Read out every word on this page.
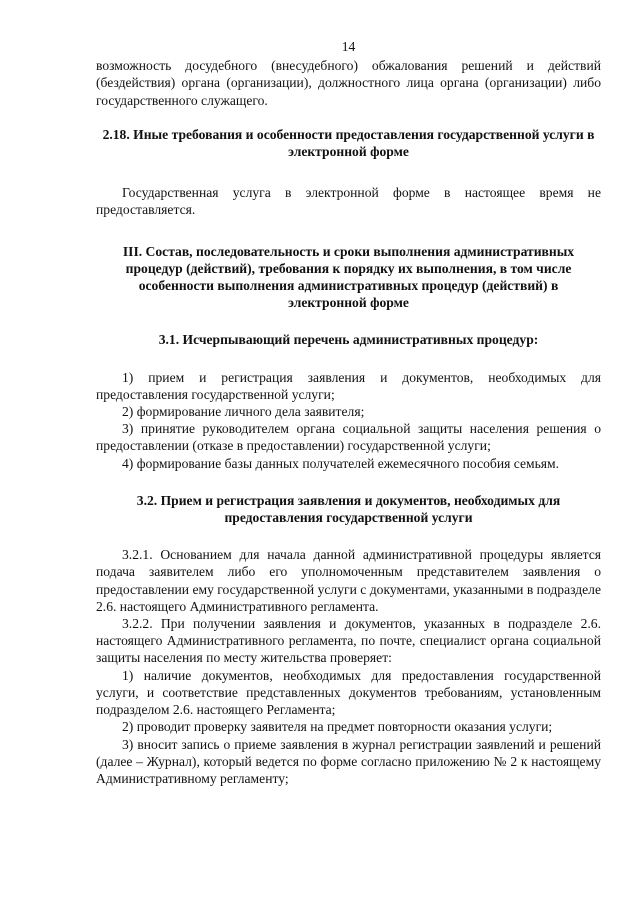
14

возможность досудебного (внесудебного) обжалования решений и действий (бездействия) органа (организации), должностного лица органа (организации) либо государственного служащего.

2.18. Иные требования и особенности предоставления государственной услуги в электронной форме

Государственная услуга в электронной форме в настоящее время не предоставляется.

III. Состав, последовательность и сроки выполнения административных процедур (действий), требования к порядку их выполнения, в том числе особенности выполнения административных процедур (действий) в электронной форме
3.1. Исчерпывающий перечень административных процедур:

1) прием и регистрация заявления и документов, необходимых для предоставления государственной услуги;

2) формирование личного дела заявителя;

3) принятие руководителем органа социальной защиты населения решения о предоставлении (отказе в предоставлении) государственной услуги;

4) формирование базы данных получателей ежемесячного пособия семьям.

3.2. Прием и регистрация заявления и документов, необходимых для предоставления государственной услуги

3.2.1. Основанием для начала данной административной процедуры является подача заявителем либо его уполномоченным представителем заявления о предоставлении ему государственной услуги с документами, указанными в подразделе 2.6. настоящего Административного регламента.

3.2.2. При получении заявления и документов, указанных в подразделе 2.6. настоящего Административного регламента, по почте, специалист органа социальной защиты населения по месту жительства проверяет:

1) наличие документов, необходимых для предоставления государственной услуги, и соответствие представленных документов требованиям, установленным подразделом 2.6. настоящего Регламента;

2) проводит проверку заявителя на предмет повторности оказания услуги;

3) вносит запись о приеме заявления в журнал регистрации заявлений и решений (далее – Журнал), который ведется по форме согласно приложению № 2 к настоящему Административному регламенту;
